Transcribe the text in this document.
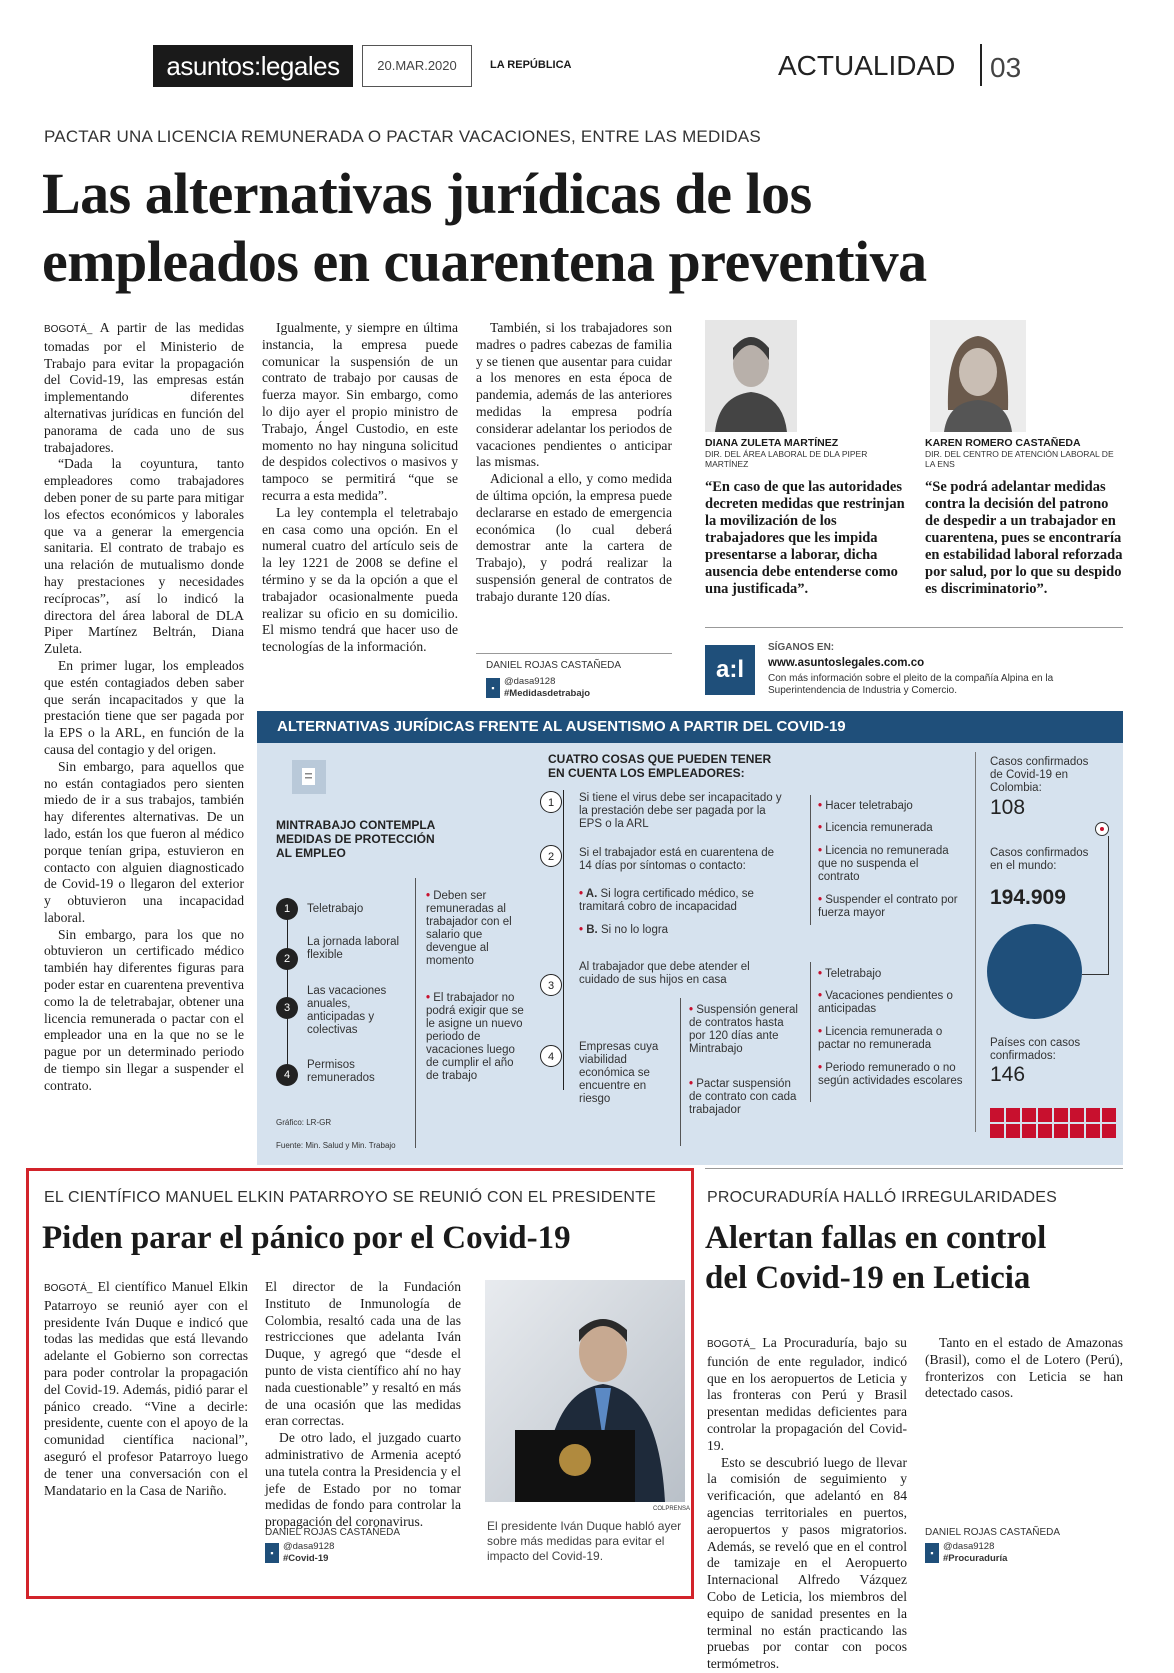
asuntos:legales	20.MAR.2020	LA REPÚBLICA	ACTUALIDAD	03
PACTAR UNA LICENCIA REMUNERADA O PACTAR VACACIONES, ENTRE LAS MEDIDAS
Las alternativas jurídicas de los
empleados en cuarentena preventiva

BOGOTÁ_ A partir de las medidas tomadas por el Ministerio de Trabajo para evitar la propagación del Covid-19, las empresas están implementando diferentes alternativas jurídicas en función del panorama de cada uno de sus trabajadores.

“Dada la coyuntura, tanto empleadores como trabajadores deben poner de su parte para mitigar los efectos económicos y laborales que va a generar la emergencia sanitaria. El contrato de trabajo es una relación de mutualismo donde hay prestaciones y necesidades recíprocas”, así lo indicó la directora del área laboral de DLA Piper Martínez Beltrán, Diana Zuleta.

En primer lugar, los empleados que estén contagiados deben saber que serán incapacitados y que la prestación tiene que ser pagada por la EPS o la ARL, en función de la causa del contagio y del origen.

Sin embargo, para aquellos que no están contagiados pero sienten miedo de ir a sus trabajos, también hay diferentes alternativas. De un lado, están los que fueron al médico porque tenían gripa, estuvieron en contacto con alguien diagnosticado de Covid-19 o llegaron del exterior y obtuvieron una incapacidad laboral.

Sin embargo, para los que no obtuvieron un certificado médico también hay diferentes figuras para poder estar en cuarentena preventiva como la de teletrabajar, obtener una licencia remunerada o pactar con el empleador una en la que no se le pague por un determinado periodo de tiempo sin llegar a suspender el contrato.

Igualmente, y siempre en última instancia, la empresa puede comunicar la suspensión de un contrato de trabajo por causas de fuerza mayor. Sin embargo, como lo dijo ayer el propio ministro de Trabajo, Ángel Custodio, en este momento no hay ninguna solicitud de despidos colectivos o masivos y tampoco se permitirá “que se recurra a esta medida”.

La ley contempla el teletrabajo en casa como una opción. En el numeral cuatro del artículo seis de la ley 1221 de 2008 se define el término y se da la opción a que el trabajador ocasionalmente pueda realizar su oficio en su domicilio. El mismo tendrá que hacer uso de tecnologías de la información.

También, si los trabajadores son madres o padres cabezas de familia y se tienen que ausentar para cuidar a los menores en esta época de pandemia, además de las anteriores medidas la empresa podría considerar adelantar los periodos de vacaciones pendientes o anticipar las mismas.

Adicional a ello, y como medida de última opción, la empresa puede declararse en estado de emergencia económica (lo cual deberá demostrar ante la cartera de Trabajo), y podrá realizar la suspensión general de contratos de trabajo durante 120 días.

DANIEL ROJAS CASTAÑEDA
▪@dasa9128
#Medidasdetrabajo
DIANA ZULETA MARTÍNEZ
DIR. DEL ÁREA LABORAL DE DLA PIPER MARTÍNEZ
“En caso de que las autoridades decreten medidas que restrinjan la movilización de los trabajadores que les impida presentarse a laborar, dicha ausencia debe entenderse como una justificada”.
KAREN ROMERO CASTAÑEDA
DIR. DEL CENTRO DE ATENCIÓN LABORAL DE LA ENS
“Se podrá adelantar medidas contra la decisión del patrono de despedir a un trabajador en cuarentena, pues se encontraría en estabilidad laboral reforzada por salud, por lo que su despido es discriminatorio”.
a:l
SÍGANOS EN:
www.asuntoslegales.com.co
Con más información sobre el pleito de la compañía Alpina en la Superintendencia de Industria y Comercio.
ALTERNATIVAS JURÍDICAS FRENTE AL AUSENTISMO A PARTIR DEL COVID-19
MINTRABAJO CONTEMPLA MEDIDAS DE PROTECCIÓN AL EMPLEO
1	Teletrabajo
2
La jornada laboral flexible
3
Las vacaciones anuales, anticipadas y colectivas
4
Permisos remunerados
• Deben ser remuneradas al trabajador con el salario que devengue al momento
• El trabajador no podrá exigir que se le asigne un nuevo periodo de vacaciones luego de cumplir el año de trabajo
Gráfico: LR-GR
Fuente: Min. Salud y Min. Trabajo
CUATRO COSAS QUE PUEDEN TENER EN CUENTA LOS EMPLEADORES:
1	Si tiene el virus debe ser incapacitado y la prestación debe ser pagada por la EPS o la ARL
2	Si el trabajador está en cuarentena de 14 días por síntomas o contacto:
• A. Si logra certificado médico, se tramitará cobro de incapacidad
• B. Si no lo logra
3
Al trabajador que debe atender el cuidado de sus hijos en casa
4
Empresas cuya viabilidad económica se encuentre en riesgo
• Suspensión general de contratos hasta por 120 días ante Mintrabajo
• Pactar suspensión de contrato con cada trabajador
• Hacer teletrabajo
• Licencia remunerada
• Licencia no remunerada que no suspenda el contrato
• Suspender el contrato por fuerza mayor
• Teletrabajo
• Vacaciones pendientes o anticipadas
• Licencia remunerada o pactar no remunerada
• Periodo remunerado o no según actividades escolares
Casos confirmados de Covid-19 en Colombia:
108
Casos confirmados en el mundo:
194.909
Países con casos confirmados:
146
EL CIENTÍFICO MANUEL ELKIN PATARROYO SE REUNIÓ CON EL PRESIDENTE
Piden parar el pánico por el Covid-19

BOGOTÁ_ El científico Manuel Elkin Patarroyo se reunió ayer con el presidente Iván Duque e indicó que todas las medidas que está llevando adelante el Gobierno son correctas para poder controlar la propagación del Covid-19. Además, pidió parar el pánico creado. “Vine a decirle: presidente, cuente con el apoyo de la comunidad científica nacional”, aseguró el profesor Patarroyo luego de tener una conversación con el Mandatario en la Casa de Nariño.

El director de la Fundación Instituto de Inmunología de Colombia, resaltó cada una de las restricciones que adelanta Iván Duque, y agregó que “desde el punto de vista científico ahí no hay nada cuestionable” y resaltó en más de una ocasión que las medidas eran correctas.

De otro lado, el juzgado cuarto administrativo de Armenia aceptó una tutela contra la Presidencia y el jefe de Estado por no tomar medidas de fondo para controlar la propagación del coronavirus.

DANIEL ROJAS CASTAÑEDA
▪@dasa9128
#Covid-19
COLPRENSA
El presidente Iván Duque habló ayer sobre más medidas para evitar el impacto del Covid-19.
PROCURADURÍA HALLÓ IRREGULARIDADES
Alertan fallas en control
del Covid-19 en Leticia

BOGOTÁ_ La Procuraduría, bajo su función de ente regulador, indicó que en los aeropuertos de Leticia y las fronteras con Perú y Brasil presentan medidas deficientes para controlar la propagación del Covid-19.

Esto se descubrió luego de llevar la comisión de seguimiento y verificación, que adelantó en 84 agencias territoriales en puertos, aeropuertos y pasos migratorios. Además, se reveló que en el control de tamizaje en el Aeropuerto Internacional Alfredo Vázquez Cobo de Leticia, los miembros del equipo de sanidad presentes en la terminal no están practicando las pruebas por contar con pocos termómetros.

Tanto en el estado de Amazonas (Brasil), como el de Lotero (Perú), fronterizos con Leticia se han detectado casos.

DANIEL ROJAS CASTAÑEDA
▪@dasa9128
#Procuraduría
